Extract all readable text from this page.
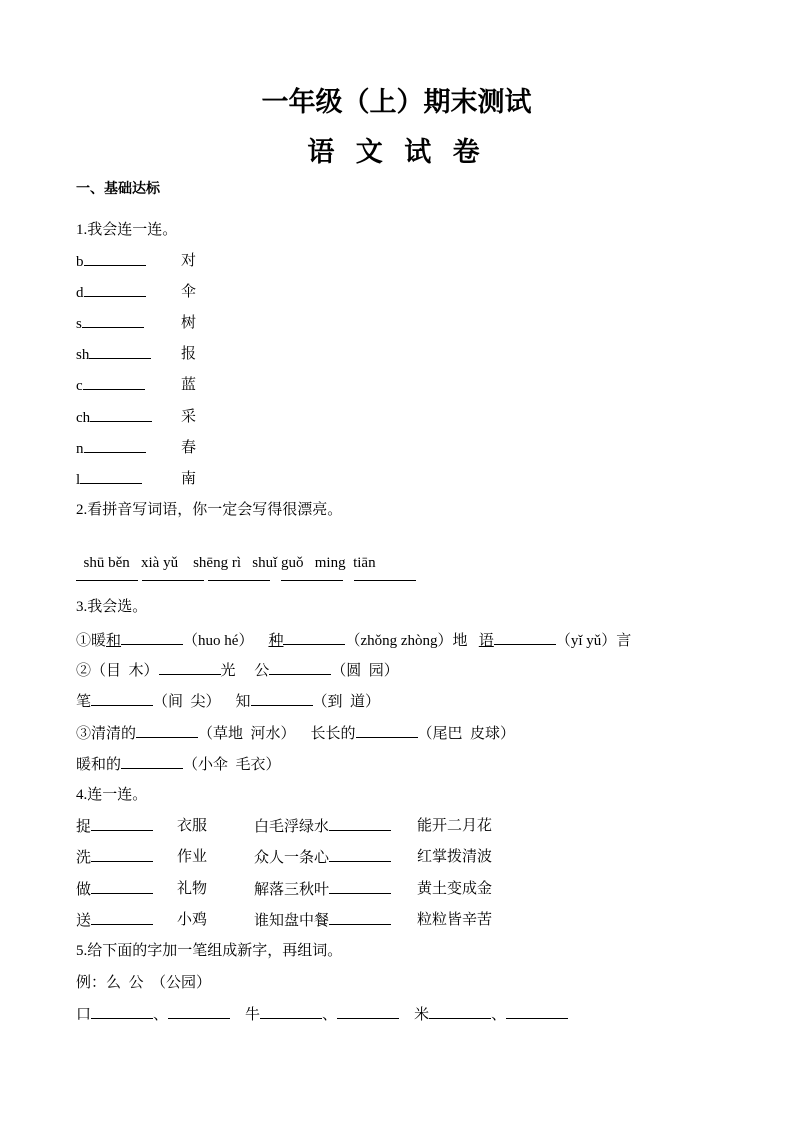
一年级（上）期末测试
语 文 试 卷
一、基础达标
1.我会连一连。
2.看拼音写词语，你一定会写得很漂亮。

shū běn xià yǔ shēng rì shuǐ guǒ ming  tiān

3.我会选。
①暖和	（huo hé） 种	（zhǒng zhòng）地 语	（yǐ yǔ）言
②（目  木）	光 公	（圆  园）
笔	（间  尖） 知	（到  道）
③清清的	（草地  河水） 长长的	（尾巴  皮球）
暖和的	（小伞  毛衣）
4.连一连。
5.给下面的字加一笔组成新字，再组词。
例：么  公  （公园）
口	、	牛	、	米	、
b	对
d	伞
s	树
sh	报
c	蓝
ch	采
n	春
l	南
捉	衣服	白毛浮绿水	能开二月花
洗	作业	众人一条心	红掌拨清波
做	礼物	解落三秋叶	黄土变成金
送	小鸡	谁知盘中餐	粒粒皆辛苦
